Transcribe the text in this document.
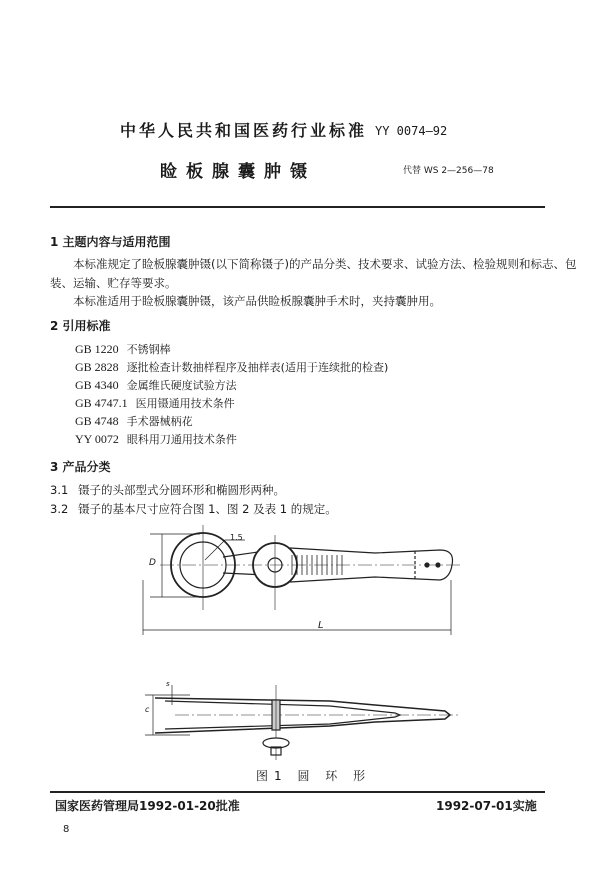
中华人民共和国医药行业标准 YY 0074—92
睑板腺囊肿镊	代替 WS 2—256—78
1 主题内容与适用范围
本标准规定了睑板腺囊肿镊(以下简称镊子)的产品分类、技术要求、试验方法、检验规则和标志、包
装、运输、贮存等要求。
本标准适用于睑板腺囊肿镊，该产品供睑板腺囊肿手术时，夹持囊肿用。
2 引用标准
GB 1220 不锈钢棒
GB 2828 逐批检查计数抽样程序及抽样表(适用于连续批的检查)
GB 4340 金属维氏硬度试验方法
GB 4747.1 医用镊通用技术条件
GB 4748 手术器械柄花
YY 0072 眼科用刀通用技术条件
3 产品分类
3.1 镊子的头部型式分圆环形和椭圆形两种。
3.2 镊子的基本尺寸应符合图 1、图 2 及表 1 的规定。
1.5
D
L
c
s
图1 圆 环 形
国家医药管理局1992-01-20批准	1992-07-01实施
8
